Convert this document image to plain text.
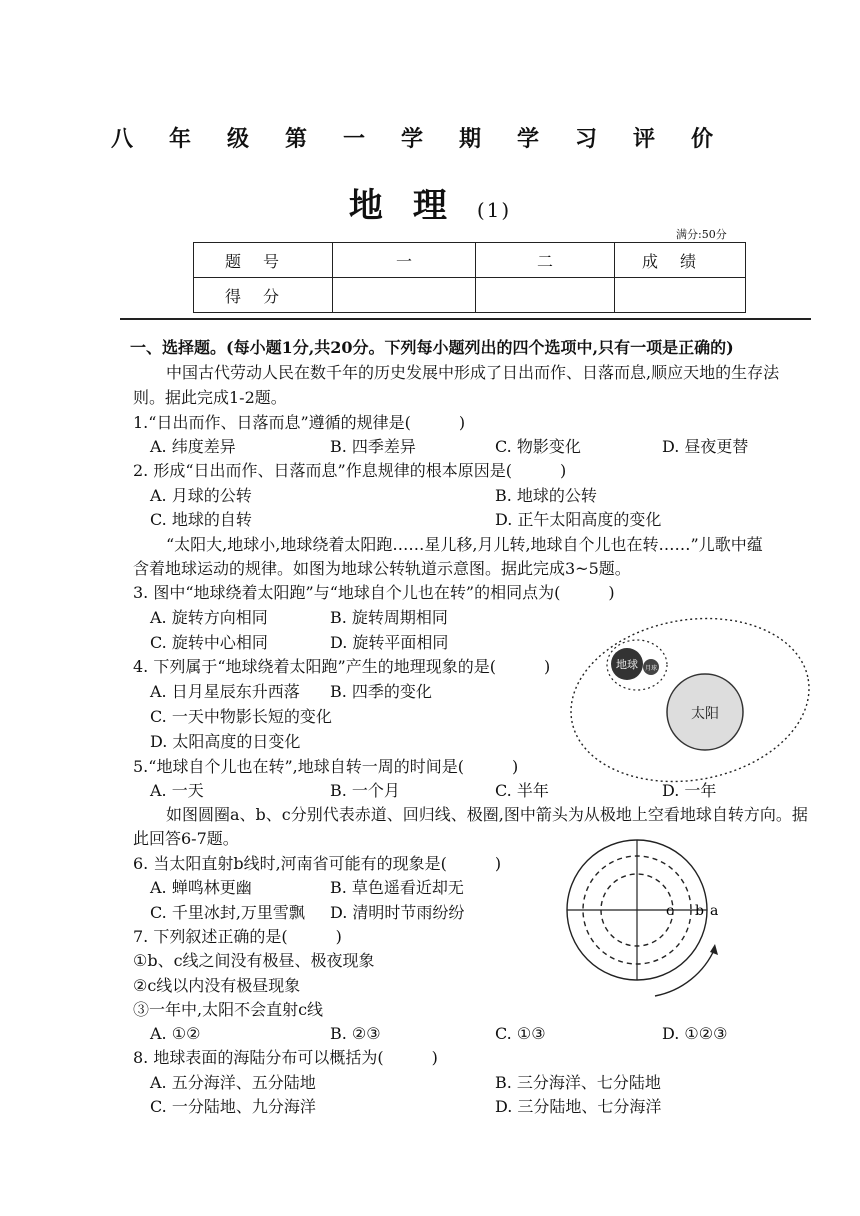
八年级第一学期学习评价
地理(1)
满分:50分
题号	一	二	成绩
得分			
一、选择题。(每小题1分,共20分。下列每小题列出的四个选项中,只有一项是正确的)
中国古代劳动人民在数千年的历史发展中形成了日出而作、日落而息,顺应天地的生存法
则。据此完成1-2题。
1.“日出而作、日落而息”遵循的规律是(　　　)
A. 纬度差异	B. 四季差异	C. 物影变化	D. 昼夜更替
2. 形成“日出而作、日落而息”作息规律的根本原因是(　　　)
A. 月球的公转	B. 地球的公转
C. 地球的自转	D. 正午太阳高度的变化
“太阳大,地球小,地球绕着太阳跑……星儿移,月儿转,地球自个儿也在转……”儿歌中蕴
含着地球运动的规律。如图为地球公转轨道示意图。据此完成3~5题。
3. 图中“地球绕着太阳跑”与“地球自个儿也在转”的相同点为(　　　)
A. 旋转方向相同	B. 旋转周期相同
C. 旋转中心相同	D. 旋转平面相同
4. 下列属于“地球绕着太阳跑”产生的地理现象的是(　　　)
A. 日月星辰东升西落 B. 四季的变化
C. 一天中物影长短的变化
D. 太阳高度的日变化
地球 月球
太阳
5.“地球自个儿也在转”,地球自转一周的时间是(　　　)
A. 一天	B. 一个月	C. 半年	D. 一年
如图圆圈a、b、c分别代表赤道、回归线、极圈,图中箭头为从极地上空看地球自转方向。据
此回答6-7题。
6. 当太阳直射b线时,河南省可能有的现象是(　　　)
A. 蝉鸣林更幽	B. 草色遥看近却无
C. 千里冰封,万里雪飘 D. 清明时节雨纷纷
7. 下列叙述正确的是(　　　)
①b、c线之间没有极昼、极夜现象
②c线以内没有极昼现象
③一年中,太阳不会直射c线
A. ①②	B. ②③	C. ①③	D. ①②③
c b a
8. 地球表面的海陆分布可以概括为(　　　)
A. 五分海洋、五分陆地	B. 三分海洋、七分陆地
C. 一分陆地、九分海洋	D. 三分陆地、七分海洋
